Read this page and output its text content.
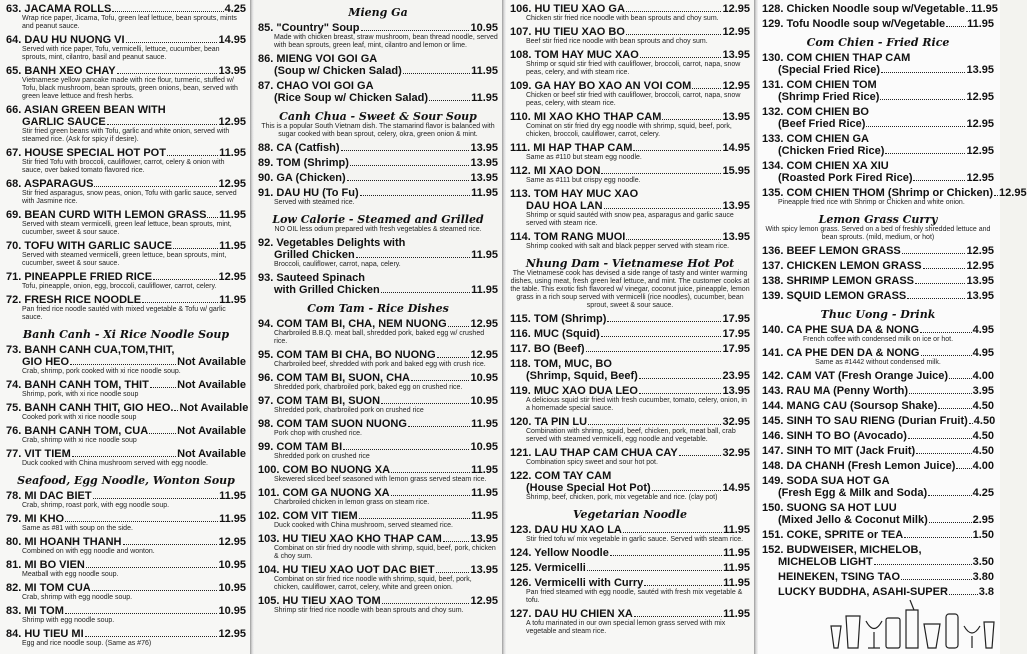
63. JACAMA ROLLS	4.25
Wrap rice paper, Jicama, Tofu, green leaf lettuce, bean sprouts, mints and peanut sauce.
64. DAU HU NUONG VI	14.95
Served with rice paper, Tofu, vermicelli, lettuce, cucumber, bean sprouts, mint, cilantro, basil and peanut sauce.
65. BANH XEO CHAY	13.95
Vietnamese yellow pancake made with rice flour, turmeric, stuffed w/ Tofu, black mushroom, bean sprouts, green onions, bean, served with green leave lettuce and fresh herbs.
66. ASIAN GREEN BEAN WITH
GARLIC SAUCE	12.95
Stir fried green beans with Tofu, garlic and white onion, served with steamed rice. (Ask for spicy if desire).
67. HOUSE SPECIAL HOT POT	11.95
Stir fried Tofu with broccoli, cauliflower, carrot, celery & onion with sauce, over baked tomato flavored rice.
68. ASPARAGUS	12.95
Stir fried asparagus, snow peas, onion, Tofu with garlic sauce, served with Jasmine rice.
69. BEAN CURD WITH LEMON GRASS 11.95
Served with steam vermicelli, green leaf lettuce, bean sprouts, mint, cucumber, sweet & sour sauce.
70. TOFU WITH GARLIC SAUCE	11.95
Served with steamed vermicelli, green lettuce, bean sprouts, mint, cucumber, sweet & sour sauce.
71. PINEAPPLE FRIED RICE	12.95
Tofu, pineapple, onion, egg, broccoli, cauliflower, carrot, celery.
72. FRESH RICE NOODLE	11.95
Pan fried rice noodle sautéd with mixed vegetable & Tofu w/ garlic sauce.
Banh Canh - Xi Rice Noodle Soup
73. BANH CANH CUA,TOM,THIT,
GIO HEO	Not Available
Crab, shrimp, pork cooked with xi rice noodle soup.
74. BANH CANH TOM, THIT	Not Available
Shrimp, pork, with xi rice noodle soup
75. BANH CANH THIT, GIO HEO. Not Available
Cooked pork with xi rice noodle soup
76. BANH CANH TOM, CUA	Not Available
Crab, shrimp with xi rice noodle soup
77. VIT TIEM	Not Available
Duck cooked with China mushroom served with egg noodle.
Seafood, Egg Noodle, Wonton Soup
78. MI DAC BIET	11.95
Crab, shrimp, roast pork, with egg noodle soup.
79. MI KHO	11.95
Same as #81 with soup on the side.
80. MI HOANH THANH	12.95
Combined on with egg noodle and wonton.
81. MI BO VIEN	10.95
Meatball with egg noodle soup.
82. MI TOM CUA	10.95
Crab, shrimp with egg noodle soup.
83. MI TOM	10.95
Shrimp with egg noodle soup.
84. HU TIEU MI	12.95
Egg and rice noodle soup. (Same as #76)
Mieng Ga
85. "Country" Soup	10.95
Made with chicken breast, straw mushroom, bean thread noodle, served with bean sprouts, green leaf, mint, cilantro and lemon or lime.
86. MIENG VOI GOI GA
(Soup w/ Chicken Salad)	11.95
87. CHAO VOI GOI GA
(Rice Soup w/ Chicken Salad)	11.95
Canh Chua - Sweet & Sour Soup
This is a popular South Vietnam dish. The stamarind flavor is balanced with sugar cooked with bean sprout, celery, okra, green onion & mint.
88. CA (Catfish)	13.95
89. TOM (Shrimp)	13.95
90. GA (Chicken)	13.95
91. DAU HU (To Fu)	11.95
Served with steamed rice.
Low Calorie - Steamed and Grilled
NO OIL less odium prepared with fresh vegetables & steamed rice.
92. Vegetables Delights with
Grilled Chicken	11.95
Broccoli, cauliflower, carrot, napa, celery.
93. Sauteed Spinach
with Grilled Chicken	11.95
Com Tam - Rice Dishes
94. COM TAM BI, CHA, NEM NUONG 12.95
Charbroiled B.B.Q. meat ball, shredded pork, baked egg w/ crushed rice.
95. COM TAM BI CHA, BO NUONG	12.95
Charbroiled beef, shredded with pork and baked egg with crush rice.
96. COM TAM BI, SUON, CHA	10.95
Shredded pork, charbroiled pork, baked egg on crushed rice.
97. COM TAM BI, SUON	10.95
Shredded pork, charbroiled pork on crushed rice
98. COM TAM SUON NUONG	11.95
Pork chop with crushed rice.
99. COM TAM BI	10.95
Shredded pork on crushed rice
100. COM BO NUONG XA	11.95
Skewered sliced beef seasoned with lemon grass served steam rice.
101. COM GA NUONG XA	11.95
Charbroiled chicken in lemon grass on steam rice.
102. COM VIT TIEM	11.95
Duck cooked with China mushroom, served steamed rice.
103. HU TIEU XAO KHO THAP CAM	13.95
Combinat on stir fried dry noodle with shrimp, squid, beef, pork, chicken & choy sum.
104. HU TIEU XAO UOT DAC BIET	13.95
Combinat on stir fried rice noodle with shrimp, squid, beef, pork, chicken, cauliflower, carrot, celery, white and green onion.
105. HU TIEU XAO TOM	12.95
Shrimp stir fried rice noodle with bean sprouts and choy sum.
106. HU TIEU XAO GA	12.95
Chicken stir fried rice noodle with bean sprouts and choy sum.
107. HU TIEU XAO BO	12.95
Beef stir fried rice noodle with bean sprouts and choy sum.
108. TOM HAY MUC XAO	13.95
Shrimp or squid stir fried with cauliflower, broccoli, carrot, napa, snow peas, celery, and with steam rice.
109. GA HAY BO XAO AN VOI COM	12.95
Chicken or beef stir fried with cauliflower, broccoli, carrot, napa, snow peas, celery, with steam rice.
110. MI XAO KHO THAP CAM	13.95
Cominat on stir fried dry egg noodle with shrimp, squid, beef, pork, chicken, broccoli, cauliflower, carrot, celery.
111. MI HAP THAP CAM	14.95
Same as #110 but steam egg noodle.
112. MI XAO DON	15.95
Same as #111 but crispy egg noodle.
113. TOM HAY MUC XAO
DAU HOA LAN	13.95
Shrimp or squid sautéd with snow pea, asparagus and garlic sauce served with steam rice.
114. TOM RANG MUOI	13.95
Shrimp cooked with salt and black pepper served with steam rice.
Nhung Dam - Vietnamese Hot Pot
The Vietnamese cook has devised a side range of tasty and winter warming dishes, using meat, fresh green leaf lettuce, and mint. The customer cooks at the table. This exotic fish flavored w/ vinegar, coconut juice, pineapple, lemon grass in a rich soup served with vermicelli (rice noodles), cucumber, bean sprout, sweet & sour sauce.
115. TOM (Shrimp)	17.95
116. MUC (Squid)	17.95
117. BO (Beef)	17.95
118. TOM, MUC, BO
(Shrimp, Squid, Beef)	23.95
119. MUC XAO DUA LEO	13.95
A delicious squid stir fried with fresh cucumber, tomato, celery, onion, in a homemade special sauce.
120. TA PIN LU	32.95
Combination with shrimp, squid, beef, chicken, pork, meat ball, crab served with steamed vermicelli, egg noodle and vegetable.
121. LAU THAP CAM CHUA CAY	32.95
Combination spicy sweet and sour hot pot.
122. COM TAY CAM
(House Special Hot Pot)	14.95
Shrimp, beef, chicken, pork, mix vegetable and rice. (clay pot)
Vegetarian Noodle
123. DAU HU XAO LA	11.95
Stir fried tofu w/ mix vegetable in garlic sauce. Served with steam rice.
124. Yellow Noodle	11.95
125. Vermicelli	11.95
126. Vermicelli with Curry	11.95
Pan fried steamed with egg noodle, sautéd with fresh mix vegetable & tofu.
127. DAU HU CHIEN XA	11.95
A tofu marinated in our own special lemon grass served with mix vegetable and steam rice.
128. Chicken Noodle soup w/Vegetable 11.95
129. Tofu Noodle soup w/Vegetable 11.95
Com Chien - Fried Rice
130. COM CHIEN THAP CAM
(Special Fried Rice)	13.95
131. COM CHIEN TOM
(Shrimp Fried Rice)	12.95
132. COM CHIEN BO
(Beef Fried Rice)	12.95
133. COM CHIEN GA
(Chicken Fried Rice)	12.95
134. COM CHIEN XA XIU
(Roasted Pork Fired Rice)	12.95
135. COM CHIEN THOM (Shrimp or Chicken) 12.95
Pineapple fried rice with Shrimp or Chicken and white onion.
Lemon Grass Curry
With spicy lemon grass. Served on a bed of freshly shredded lettuce and bean sprouts. (mild, medium, or hot)
136. BEEF LEMON GRASS	12.95
137. CHICKEN LEMON GRASS	12.95
138. SHRIMP LEMON GRASS	13.95
139. SQUID LEMON GRASS	13.95
Thuc Uong - Drink
140. CA PHE SUA DA & NONG	4.95
French coffee with condensed milk on ice or hot.
141. CA PHE DEN DA & NONG	4.95
Same as #1442 without condensed milk.
142. CAM VAT (Fresh Orange Juice) 4.00
143. RAU MA (Penny Worth)	3.95
144. MANG CAU (Soursop Shake)	4.50
145. SINH TO SAU RIENG (Durian Fruit) 4.50
146. SINH TO BO (Avocado)	4.50
147. SINH TO MIT (Jack Fruit)	4.50
148. DA CHANH (Fresh Lemon Juice) 4.00
149. SODA SUA HOT GA
(Fresh Egg & Milk and Soda)	4.25
150. SUONG SA HOT LUU
(Mixed Jello & Coconut Milk)	2.95
151. COKE, SPRITE or TEA	1.50
152. BUDWEISER, MICHELOB,
MICHELOB LIGHT	3.50
HEINEKEN, TSING TAO	3.80
LUCKY BUDDHA, ASAHI-SUPER	3.8
